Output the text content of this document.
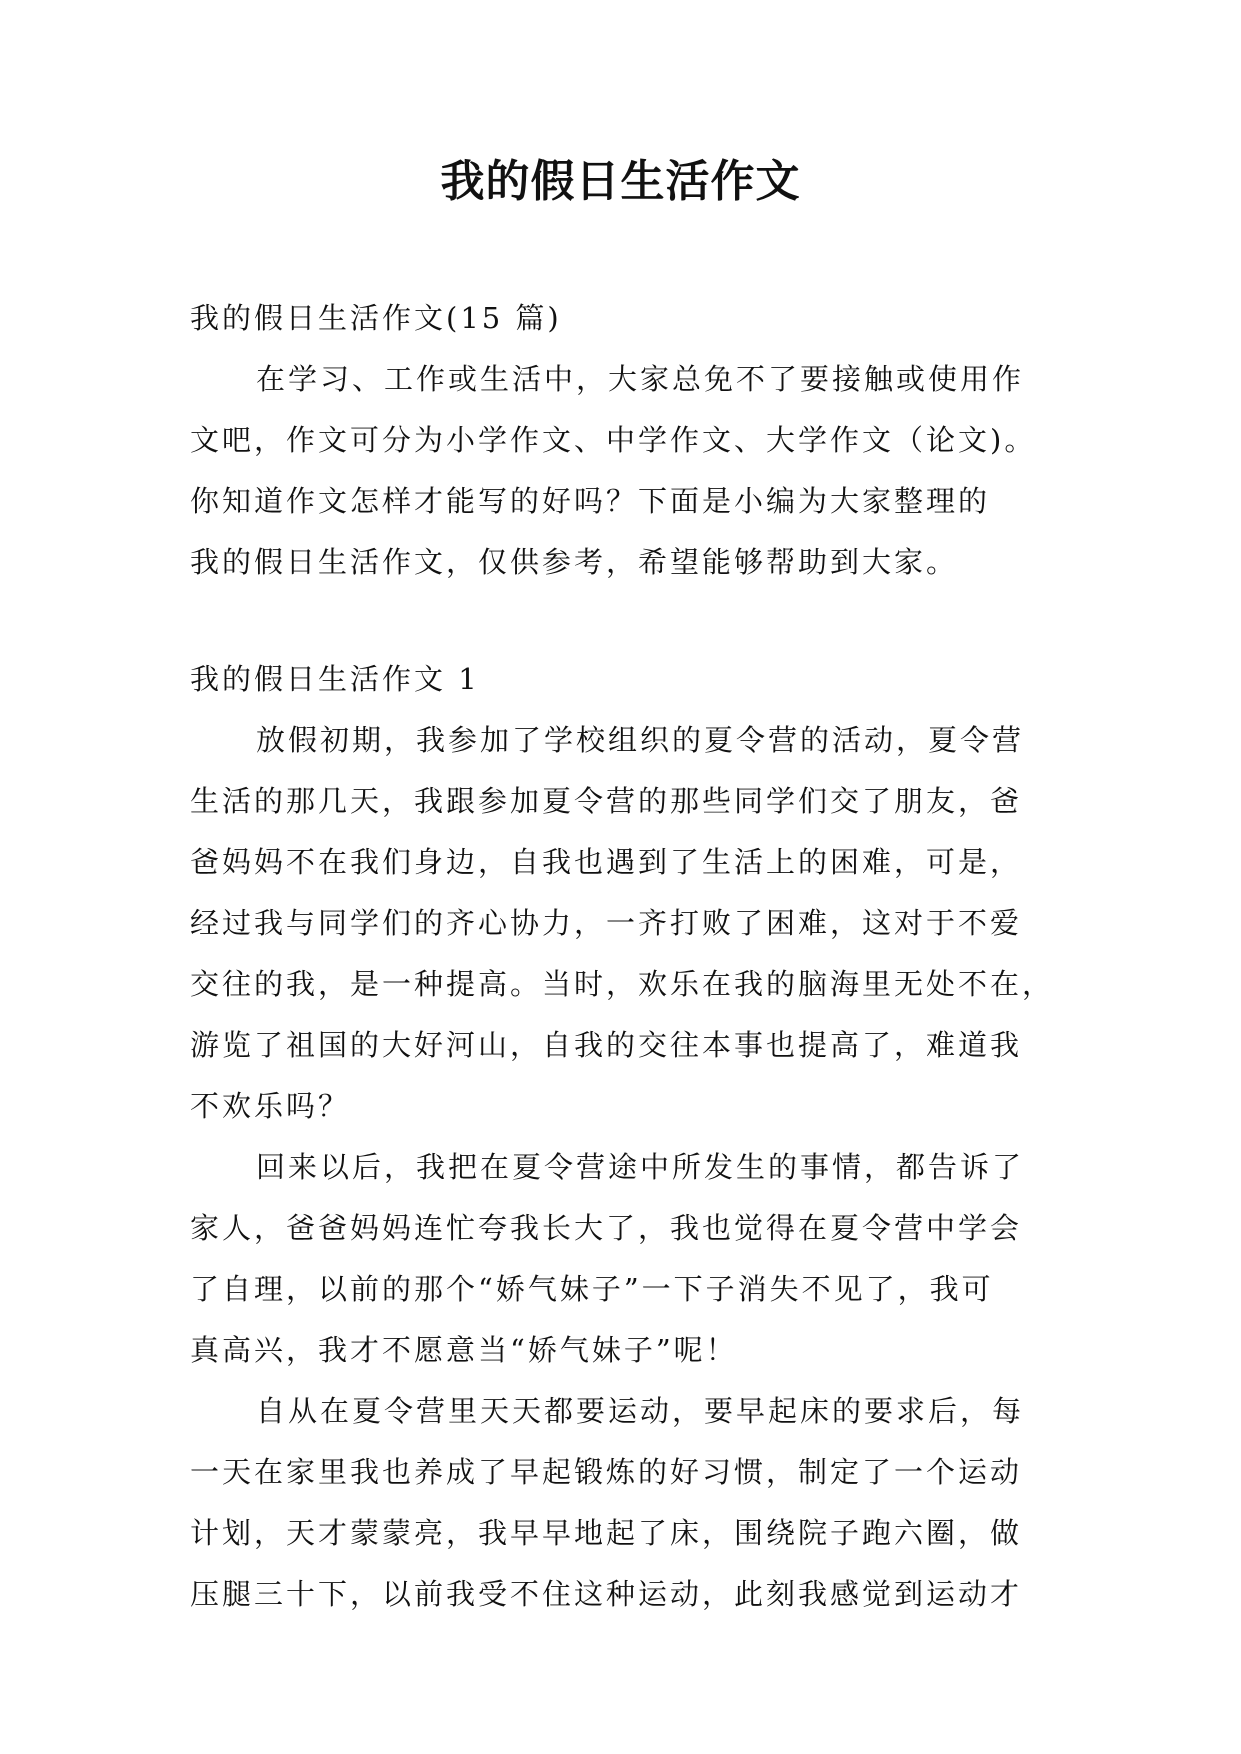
我的假日生活作文

我的假日生活作文(15 篇)

在学习、工作或生活中，大家总免不了要接触或使用作

文吧，作文可分为小学作文、中学作文、大学作文（论文)。

你知道作文怎样才能写的好吗？下面是小编为大家整理的

我的假日生活作文，仅供参考，希望能够帮助到大家。

我的假日生活作文 1

放假初期，我参加了学校组织的夏令营的活动，夏令营

生活的那几天，我跟参加夏令营的那些同学们交了朋友，爸

爸妈妈不在我们身边，自我也遇到了生活上的困难，可是，

经过我与同学们的齐心协力，一齐打败了困难，这对于不爱

交往的我，是一种提高。当时，欢乐在我的脑海里无处不在，

游览了祖国的大好河山，自我的交往本事也提高了，难道我

不欢乐吗？

回来以后，我把在夏令营途中所发生的事情，都告诉了

家人，爸爸妈妈连忙夸我长大了，我也觉得在夏令营中学会

了自理，以前的那个“娇气妹子”一下子消失不见了，我可

真高兴，我才不愿意当“娇气妹子”呢！

自从在夏令营里天天都要运动，要早起床的要求后，每

一天在家里我也养成了早起锻炼的好习惯，制定了一个运动

计划，天才蒙蒙亮，我早早地起了床，围绕院子跑六圈，做

压腿三十下，以前我受不住这种运动，此刻我感觉到运动才
